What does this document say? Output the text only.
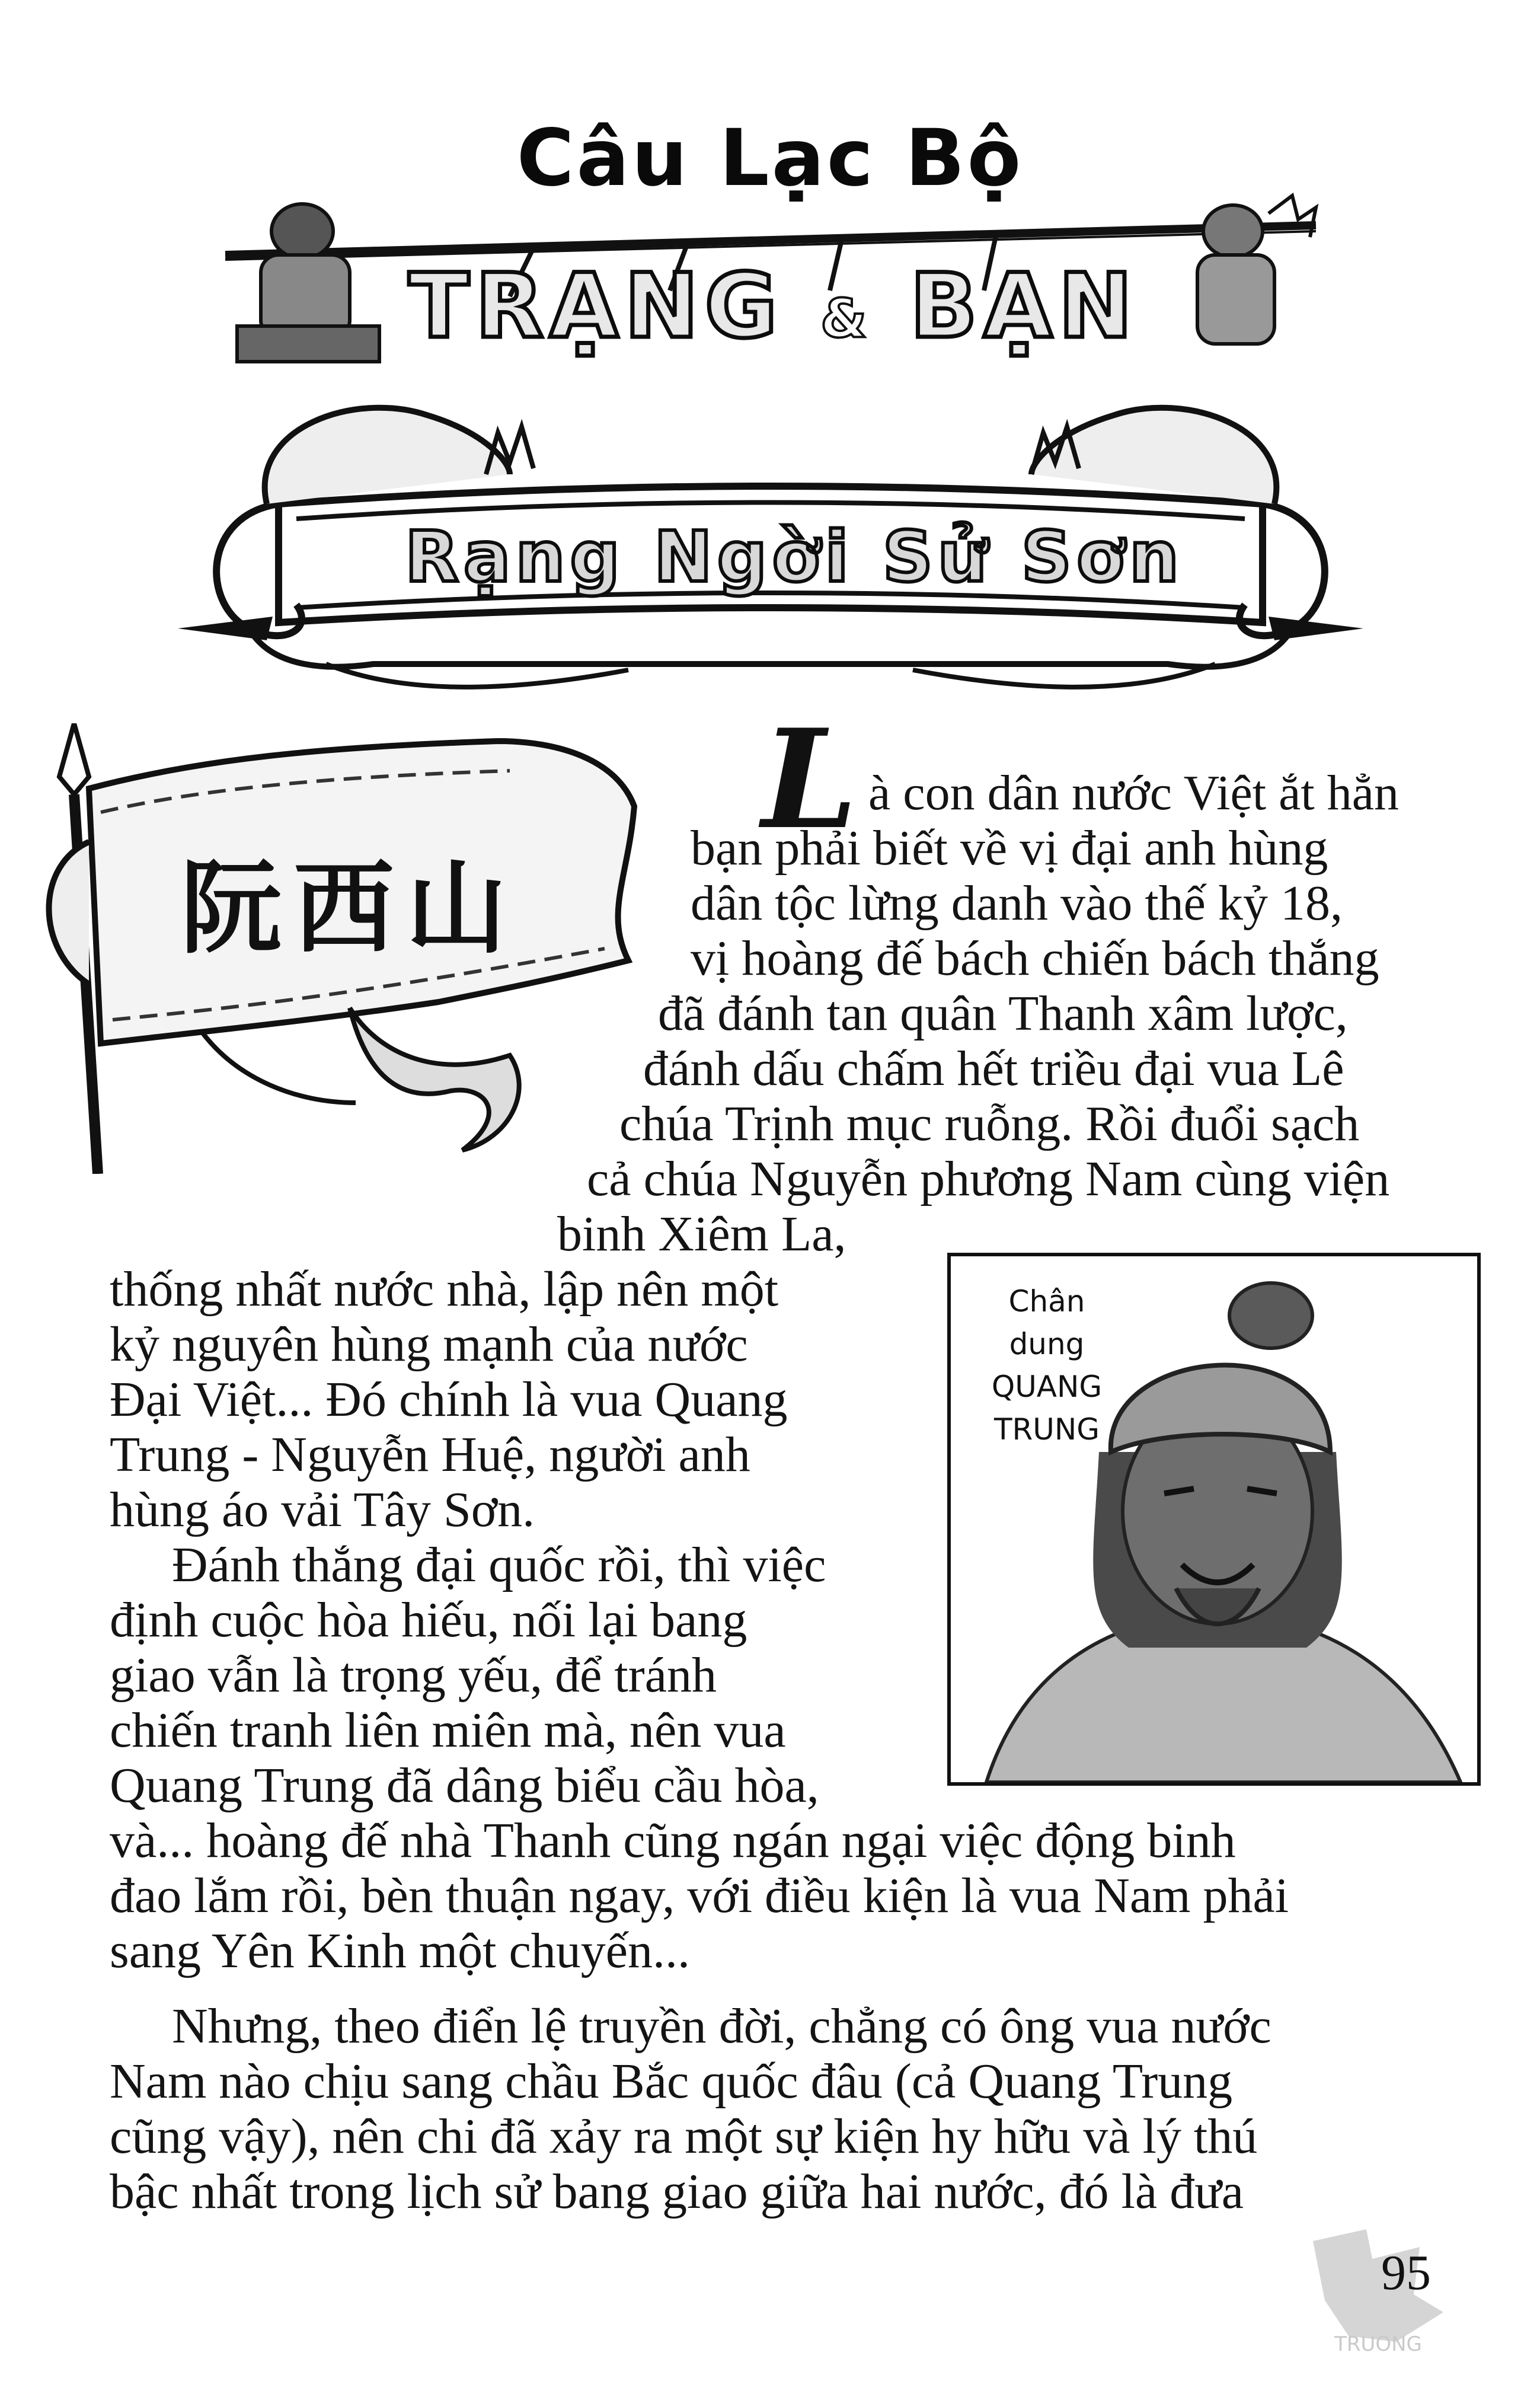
Câu Lạc Bộ
TRẠNG & BẠN
Rạng Ngời Sử Sơn
阮西山
Chân
dung
QUANG
TRUNG
L à con dân nước Việt ắt hẳn
bạn phải biết về vị đại anh hùng
dân tộc lừng danh vào thế kỷ 18,
vị hoàng đế bách chiến bách thắng
đã đánh tan quân Thanh xâm lược,
đánh dấu chấm hết triều đại vua Lê
chúa Trịnh mục ruỗng. Rồi đuổi sạch
cả chúa Nguyễn phương Nam cùng viện
binh Xiêm La,
thống nhất nước nhà, lập nên một
kỷ nguyên hùng mạnh của nước
Đại Việt... Đó chính là vua Quang
Trung - Nguyễn Huệ, người anh
hùng áo vải Tây Sơn.
Đánh thắng đại quốc rồi, thì việc
định cuộc hòa hiếu, nối lại bang
giao vẫn là trọng yếu, để tránh
chiến tranh liên miên mà, nên vua
Quang Trung đã dâng biểu cầu hòa,
và... hoàng đế nhà Thanh cũng ngán ngại việc động binh
đao lắm rồi, bèn thuận ngay, với điều kiện là vua Nam phải
sang Yên Kinh một chuyến...
Nhưng, theo điển lệ truyền đời, chẳng có ông vua nước
Nam nào chịu sang chầu Bắc quốc đâu (cả Quang Trung
cũng vậy), nên chi đã xảy ra một sự kiện hy hữu và lý thú
bậc nhất trong lịch sử bang giao giữa hai nước, đó là đưa
TRUONG
95
